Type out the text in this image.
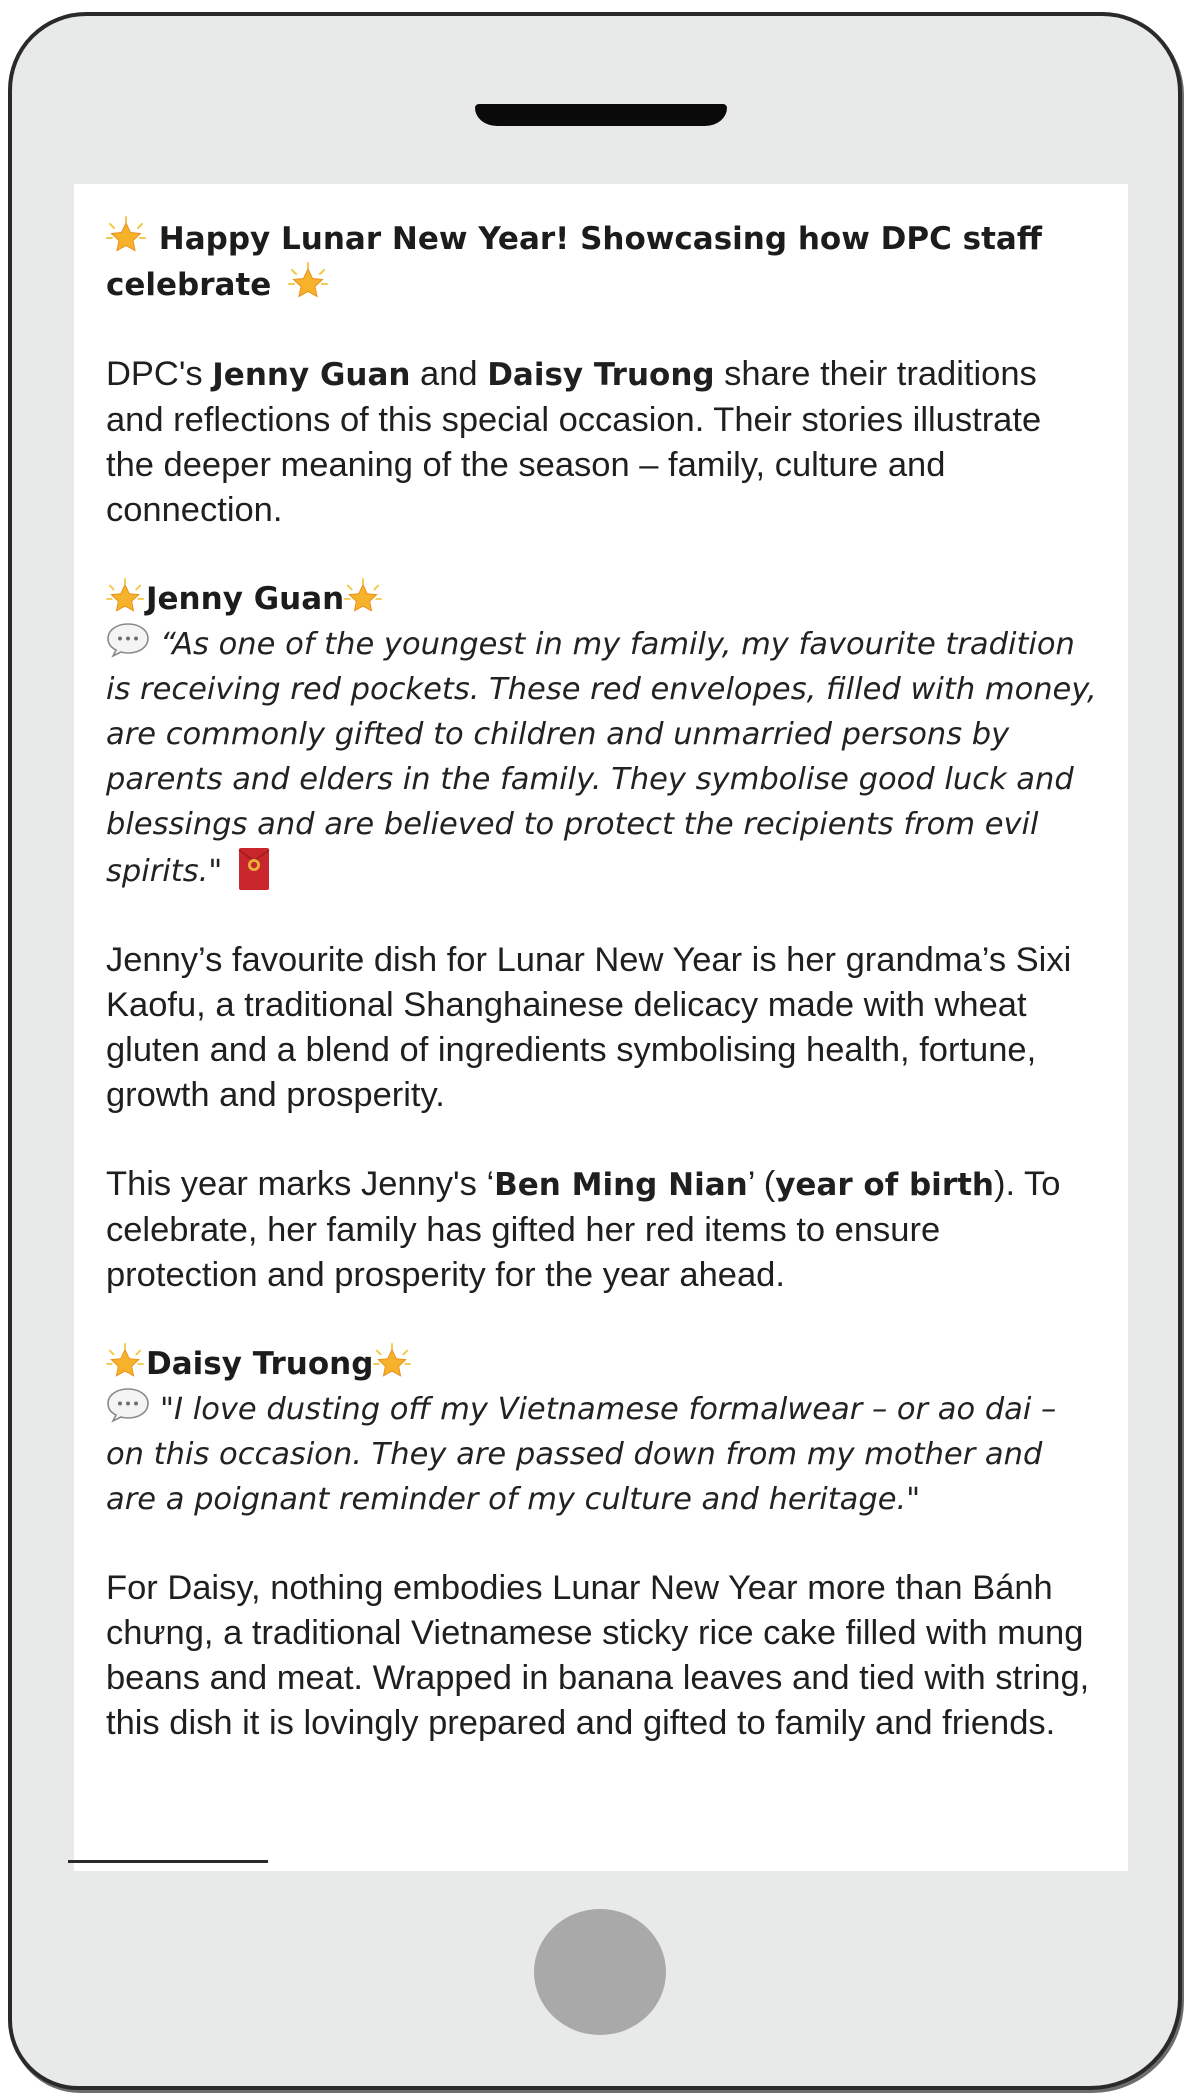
Happy Lunar New Year! Showcasing how DPC staff celebrate
DPC's Jenny Guan and Daisy Truong share their traditions and reflections of this special occasion. Their stories illustrate the deeper meaning of the season – family, culture and connection.
Jenny Guan
“As one of the youngest in my family, my favourite tradition is receiving red pockets. These red envelopes, filled with money, are commonly gifted to children and unmarried persons by parents and elders in the family. They symbolise good luck and blessings and are believed to protect the recipients from evil spirits."
Jenny’s favourite dish for Lunar New Year is her grandma’s Sixi Kaofu, a traditional Shanghainese delicacy made with wheat gluten and a blend of ingredients symbolising health, fortune, growth and prosperity.
This year marks Jenny's ‘Ben Ming Nian’ (year of birth). To celebrate, her family has gifted her red items to ensure protection and prosperity for the year ahead.
Daisy Truong
"I love dusting off my Vietnamese formalwear – or ao dai – on this occasion. They are passed down from my mother and are a poignant reminder of my culture and heritage."
For Daisy, nothing embodies Lunar New Year more than Bánh chưng, a traditional Vietnamese sticky rice cake filled with mung beans and meat. Wrapped in banana leaves and tied with string, this dish it is lovingly prepared and gifted to family and friends.
